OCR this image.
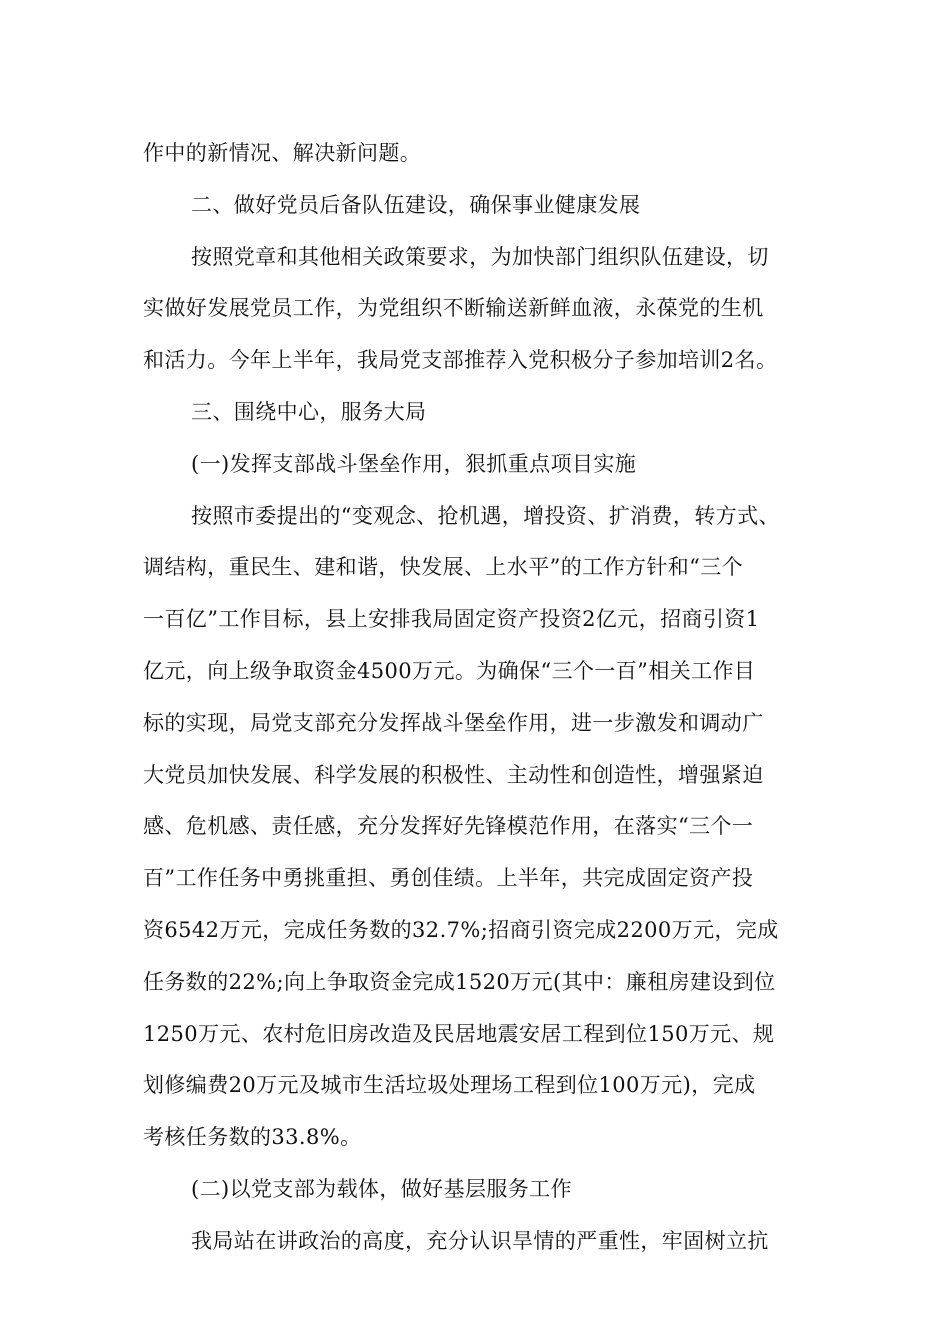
作中的新情况、解决新问题。
二、做好党员后备队伍建设，确保事业健康发展
按照党章和其他相关政策要求，为加快部门组织队伍建设，切
实做好发展党员工作，为党组织不断输送新鲜血液，永葆党的生机
和活力。今年上半年，我局党支部推荐入党积极分子参加培训2名。
三、围绕中心，服务大局
(一)发挥支部战斗堡垒作用，狠抓重点项目实施
按照市委提出的“变观念、抢机遇，增投资、扩消费，转方式、
调结构，重民生、建和谐，快发展、上水平”的工作方针和“三个
一百亿”工作目标，县上安排我局固定资产投资2亿元，招商引资1
亿元，向上级争取资金4500万元。为确保“三个一百”相关工作目
标的实现，局党支部充分发挥战斗堡垒作用，进一步激发和调动广
大党员加快发展、科学发展的积极性、主动性和创造性，增强紧迫
感、危机感、责任感，充分发挥好先锋模范作用，在落实“三个一
百”工作任务中勇挑重担、勇创佳绩。上半年，共完成固定资产投
资6542万元，完成任务数的32.7%;招商引资完成2200万元，完成
任务数的22%;向上争取资金完成1520万元(其中：廉租房建设到位
1250万元、农村危旧房改造及民居地震安居工程到位150万元、规
划修编费20万元及城市生活垃圾处理场工程到位100万元)，完成
考核任务数的33.8%。
(二)以党支部为载体，做好基层服务工作
我局站在讲政治的高度，充分认识旱情的严重性，牢固树立抗
